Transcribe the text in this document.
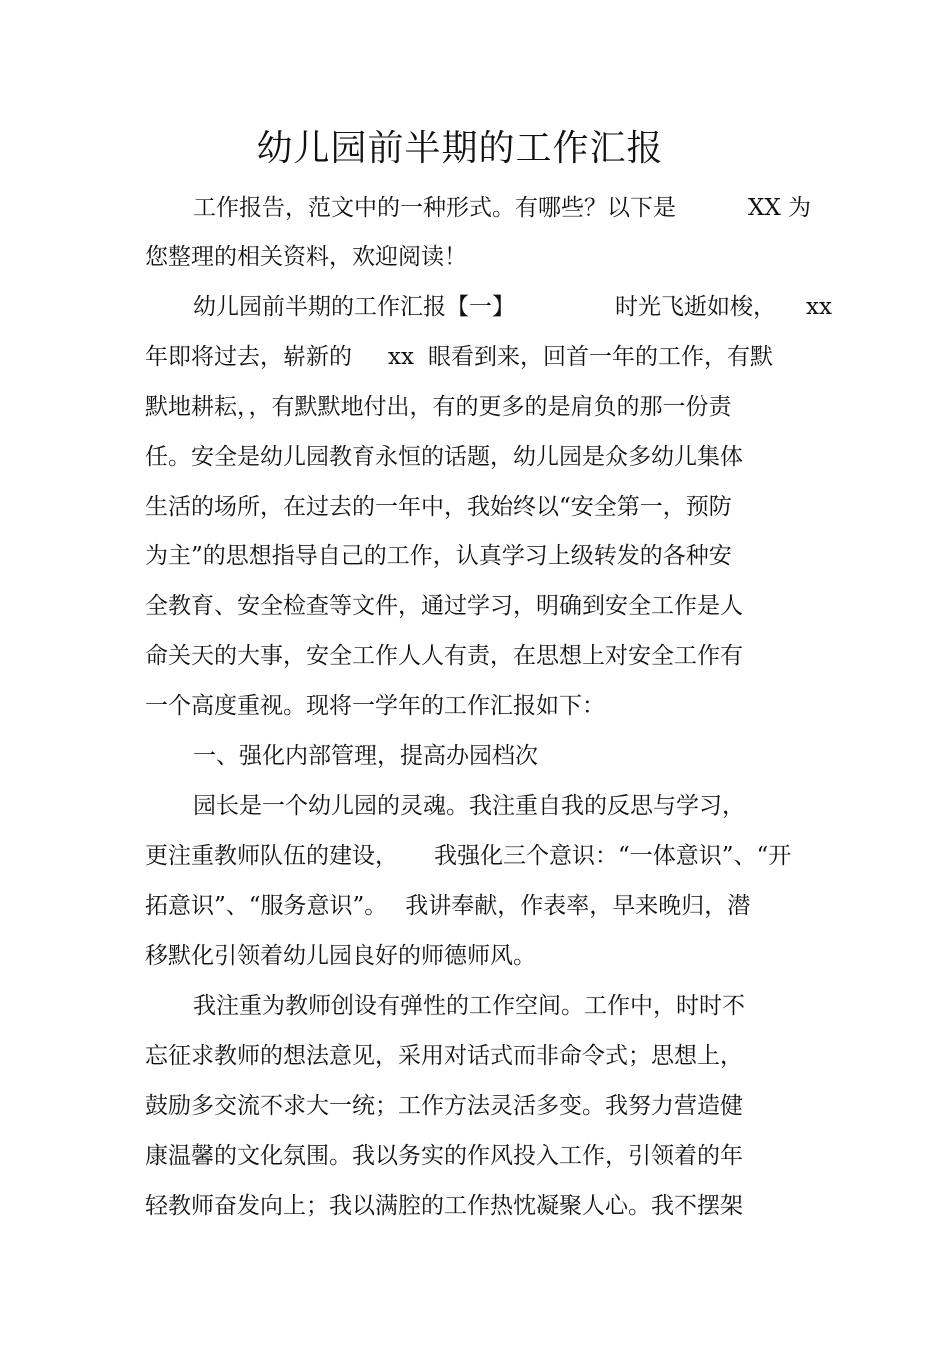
幼儿园前半期的工作汇报
工作报告，范文中的一种形式。有哪些？以下是	XX 为
您整理的相关资料，欢迎阅读！
幼儿园前半期的工作汇报【一】	时光飞逝如梭， xx
年即将过去，崭新的 xx 眼看到来，回首一年的工作，有默
默地耕耘，，有默默地付出，有的更多的是肩负的那一份责
任。安全是幼儿园教育永恒的话题，幼儿园是众多幼儿集体
生活的场所，在过去的一年中，我始终以“安全第一，预防
为主”的思想指导自己的工作，认真学习上级转发的各种安
全教育、安全检查等文件，通过学习，明确到安全工作是人
命关天的大事，安全工作人人有责，在思想上对安全工作有
一个高度重视。现将一学年的工作汇报如下：
一、强化内部管理，提高办园档次
园长是一个幼儿园的灵魂。我注重自我的反思与学习，
更注重教师队伍的建设， 我强化三个意识：“一体意识”、“开
拓意识”、“服务意识”。 我讲奉献，作表率，早来晚归，潜
移默化引领着幼儿园良好的师德师风。
我注重为教师创设有弹性的工作空间。工作中，时时不
忘征求教师的想法意见，采用对话式而非命令式；思想上，
鼓励多交流不求大一统；工作方法灵活多变。我努力营造健
康温馨的文化氛围。我以务实的作风投入工作，引领着的年
轻教师奋发向上；我以满腔的工作热忱凝聚人心。我不摆架
